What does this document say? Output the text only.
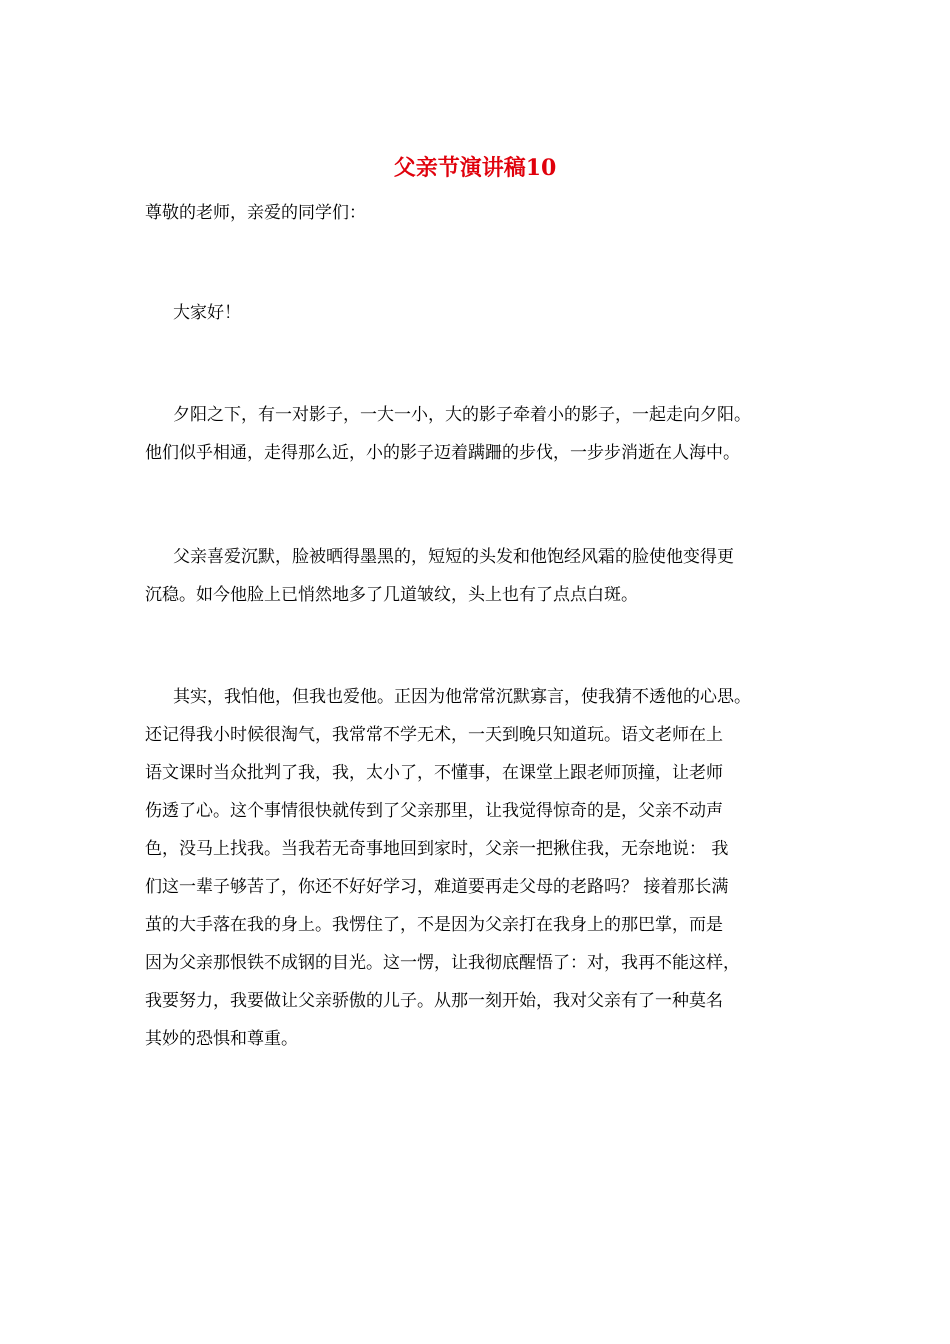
父亲节演讲稿10
尊敬的老师，亲爱的同学们：
大家好！
夕阳之下，有一对影子，一大一小，大的影子牵着小的影子，一起走向夕阳。
他们似乎相通，走得那么近，小的影子迈着蹒跚的步伐，一步步消逝在人海中。
父亲喜爱沉默，脸被晒得墨黑的，短短的头发和他饱经风霜的脸使他变得更
沉稳。如今他脸上已悄然地多了几道皱纹，头上也有了点点白斑。
其实，我怕他，但我也爱他。正因为他常常沉默寡言，使我猜不透他的心思。
还记得我小时候很淘气，我常常不学无术，一天到晚只知道玩。语文老师在上
语文课时当众批判了我，我，太小了，不懂事，在课堂上跟老师顶撞，让老师
伤透了心。这个事情很快就传到了父亲那里，让我觉得惊奇的是，父亲不动声
色，没马上找我。当我若无奇事地回到家时，父亲一把揪住我，无奈地说： 我
们这一辈子够苦了，你还不好好学习，难道要再走父母的老路吗？ 接着那长满
茧的大手落在我的身上。我愣住了，不是因为父亲打在我身上的那巴掌，而是
因为父亲那恨铁不成钢的目光。这一愣，让我彻底醒悟了：对，我再不能这样，
我要努力，我要做让父亲骄傲的儿子。从那一刻开始，我对父亲有了一种莫名
其妙的恐惧和尊重。
